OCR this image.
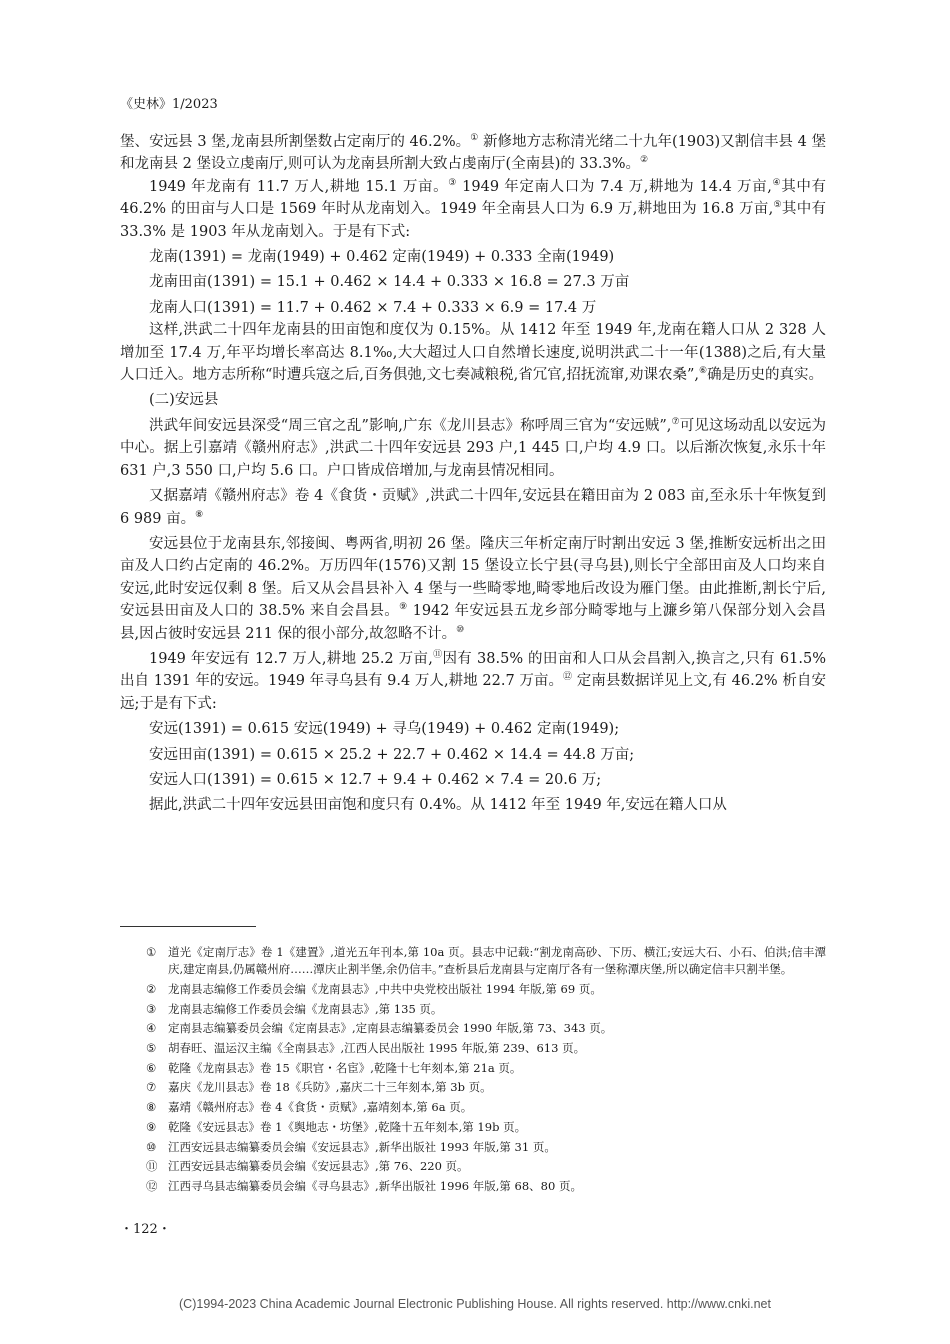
《史林》1/2023

堡、安远县 3 堡,龙南县所割堡数占定南厅的 46.2%。① 新修地方志称清光绪二十九年(1903)又割信丰县 4 堡和龙南县 2 堡设立虔南厅,则可认为龙南县所割大致占虔南厅(全南县)的 33.3%。②

1949 年龙南有 11.7 万人,耕地 15.1 万亩。③ 1949 年定南人口为 7.4 万,耕地为 14.4 万亩,④其中有 46.2% 的田亩与人口是 1569 年时从龙南划入。1949 年全南县人口为 6.9 万,耕地田为 16.8 万亩,⑤其中有 33.3% 是 1903 年从龙南划入。于是有下式:

龙南(1391) = 龙南(1949) + 0.462 定南(1949) + 0.333 全南(1949)

龙南田亩(1391) = 15.1 + 0.462 × 14.4 + 0.333 × 16.8 = 27.3 万亩

龙南人口(1391) = 11.7 + 0.462 × 7.4 + 0.333 × 6.9 = 17.4 万

这样,洪武二十四年龙南县的田亩饱和度仅为 0.15%。从 1412 年至 1949 年,龙南在籍人口从 2 328 人增加至 17.4 万,年平均增长率高达 8.1‰,大大超过人口自然增长速度,说明洪武二十一年(1388)之后,有大量人口迁入。地方志所称“时遭兵寇之后,百务俱弛,文七奏减粮税,省冗官,招抚流窜,劝课农桑”,⑥确是历史的真实。

(二)安远县

洪武年间安远县深受“周三官之乱”影响,广东《龙川县志》称呼周三官为“安远贼”,⑦可见这场动乱以安远为中心。据上引嘉靖《赣州府志》,洪武二十四年安远县 293 户,1 445 口,户均 4.9 口。以后渐次恢复,永乐十年 631 户,3 550 口,户均 5.6 口。户口皆成倍增加,与龙南县情况相同。

又据嘉靖《赣州府志》卷 4《食货・贡赋》,洪武二十四年,安远县在籍田亩为 2 083 亩,至永乐十年恢复到 6 989 亩。⑧

安远县位于龙南县东,邻接闽、粤两省,明初 26 堡。隆庆三年析定南厅时割出安远 3 堡,推断安远析出之田亩及人口约占定南的 46.2%。万历四年(1576)又割 15 堡设立长宁县(寻乌县),则长宁全部田亩及人口均来自安远,此时安远仅剩 8 堡。后又从会昌县补入 4 堡与一些畸零地,畸零地后改设为雁门堡。由此推断,割长宁后,安远县田亩及人口的 38.5% 来自会昌县。⑨ 1942 年安远县五龙乡部分畸零地与上濂乡第八保部分划入会昌县,因占彼时安远县 211 保的很小部分,故忽略不计。⑩

1949 年安远有 12.7 万人,耕地 25.2 万亩,⑪因有 38.5% 的田亩和人口从会昌割入,换言之,只有 61.5% 出自 1391 年的安远。1949 年寻乌县有 9.4 万人,耕地 22.7 万亩。⑫ 定南县数据详见上文,有 46.2% 析自安远;于是有下式:

安远(1391) = 0.615 安远(1949) + 寻乌(1949) + 0.462 定南(1949);

安远田亩(1391) = 0.615 × 25.2 + 22.7 + 0.462 × 14.4 = 44.8 万亩;

安远人口(1391) = 0.615 × 12.7 + 9.4 + 0.462 × 7.4 = 20.6 万;

据此,洪武二十四年安远县田亩饱和度只有 0.4%。从 1412 年至 1949 年,安远在籍人口从

①	道光《定南厅志》卷 1《建置》,道光五年刊本,第 10a 页。县志中记载:“割龙南高砂、下历、横江;安远大石、小石、伯洪;信丰潭庆,建定南县,仍属赣州府……潭庆止割半堡,余仍信丰。”查析县后龙南县与定南厅各有一堡称潭庆堡,所以确定信丰只割半堡。
②	龙南县志编修工作委员会编《龙南县志》,中共中央党校出版社 1994 年版,第 69 页。
③	龙南县志编修工作委员会编《龙南县志》,第 135 页。
④	定南县志编纂委员会编《定南县志》,定南县志编纂委员会 1990 年版,第 73、343 页。
⑤	胡春旺、温运汉主编《全南县志》,江西人民出版社 1995 年版,第 239、613 页。
⑥	乾隆《龙南县志》卷 15《职官・名宦》,乾隆十七年刻本,第 21a 页。
⑦	嘉庆《龙川县志》卷 18《兵防》,嘉庆二十三年刻本,第 3b 页。
⑧	嘉靖《赣州府志》卷 4《食货・贡赋》,嘉靖刻本,第 6a 页。
⑨	乾隆《安远县志》卷 1《舆地志・坊堡》,乾隆十五年刻本,第 19b 页。
⑩	江西安远县志编纂委员会编《安远县志》,新华出版社 1993 年版,第 31 页。
⑪ 江西安远县志编纂委员会编《安远县志》,第 76、220 页。
⑫ 江西寻乌县志编纂委员会编《寻乌县志》,新华出版社 1996 年版,第 68、80 页。
・122・
(C)1994-2023 China Academic Journal Electronic Publishing House. All rights reserved. http://www.cnki.net
